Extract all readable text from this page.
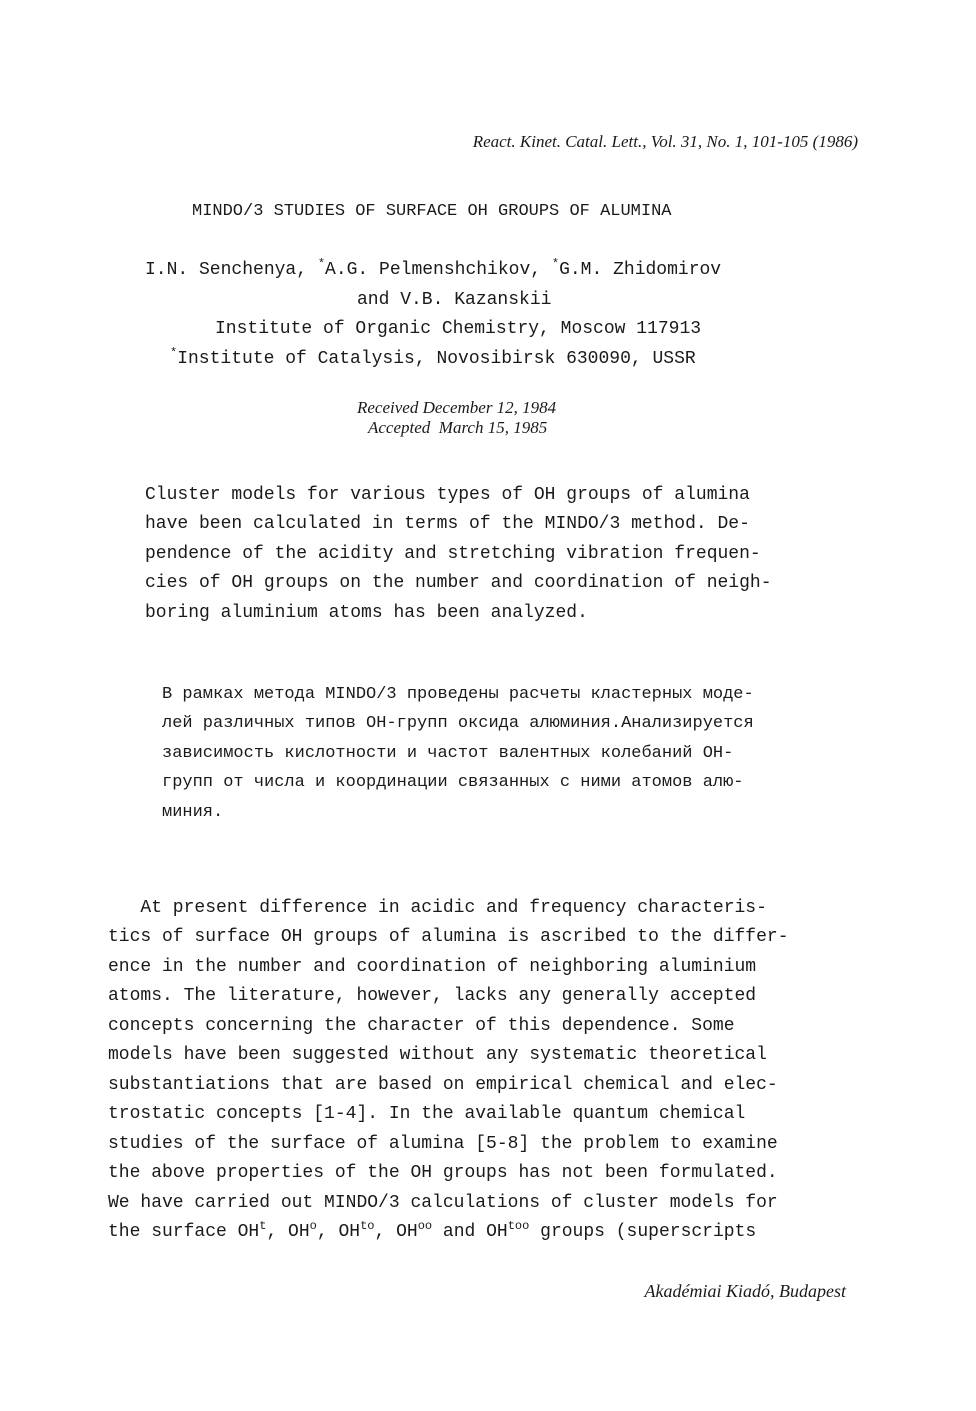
React. Kinet. Catal. Lett., Vol. 31, No. 1, 101-105 (1986)
MINDO/3 STUDIES OF SURFACE OH GROUPS OF ALUMINA
I.N. Senchenya, *A.G. Pelmenshchikov, *G.M. Zhidomirov
and V.B. Kazanskii
Institute of Organic Chemistry, Moscow 117913
*Institute of Catalysis, Novosibirsk 630090, USSR
Received December 12, 1984
Accepted  March 15, 1985
Cluster models for various types of OH groups of alumina
have been calculated in terms of the MINDO/3 method. De-
pendence of the acidity and stretching vibration frequen-
cies of OH groups on the number and coordination of neigh-
boring aluminium atoms has been analyzed.
В рамках метода MINDO/3 проведены расчеты кластерных моде-
лей различных типов ОН-групп оксида алюминия.Анализируется
зависимость кислотности и частот валентных колебаний ОН-
групп от числа и координации связанных с ними атомов алю-
миния.
At present difference in acidic and frequency characteris-
tics of surface OH groups of alumina is ascribed to the differ-
ence in the number and coordination of neighboring aluminium
atoms. The literature, however, lacks any generally accepted
concepts concerning the character of this dependence. Some
models have been suggested without any systematic theoretical
substantiations that are based on empirical chemical and elec-
trostatic concepts [1-4]. In the available quantum chemical
studies of the surface of alumina [5-8] the problem to examine
the above properties of the OH groups has not been formulated.
We have carried out MINDO/3 calculations of cluster models for
the surface $OH^t$, $OH^o$, $OH^{to}$, $OH^{oo}$ and $OH^{too}$ groups (superscripts
Akadémiai Kiadó, Budapest
